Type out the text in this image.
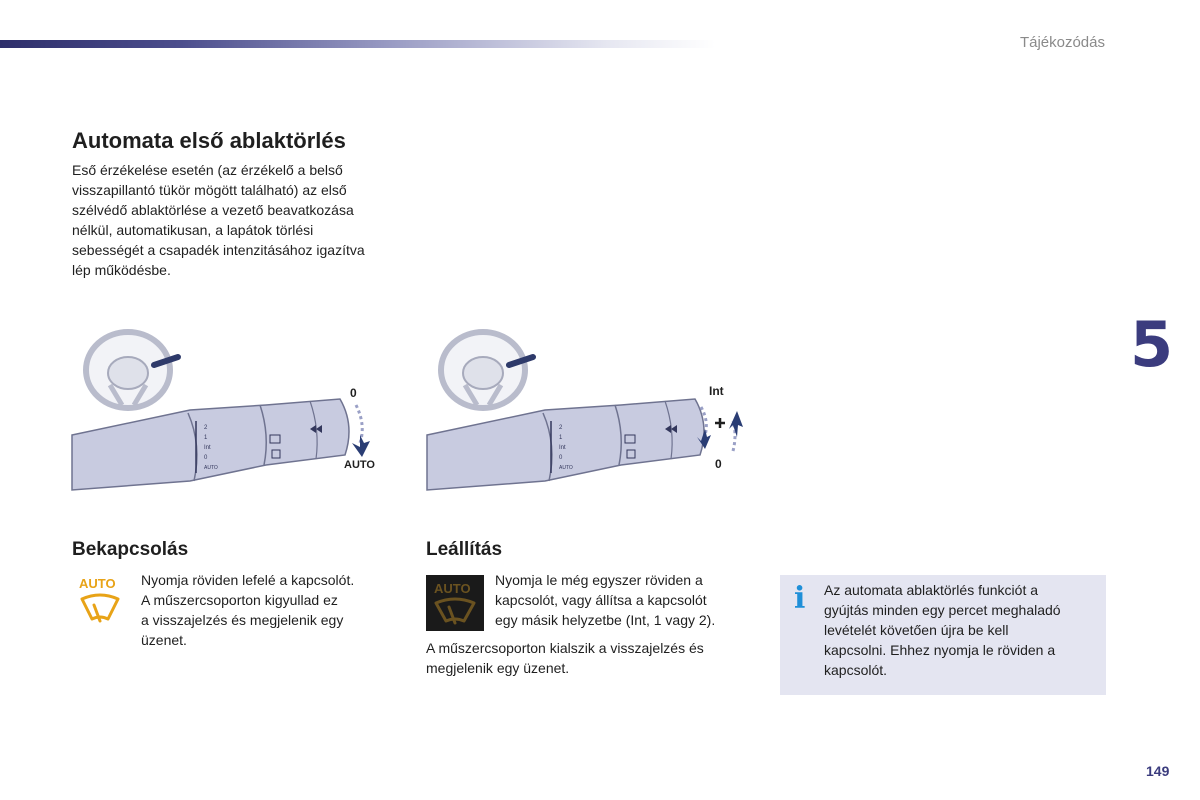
Tájékozódás
5
Automata első ablaktörlés
Eső érzékelése esetén (az érzékelő a belső
visszapillantó tükör mögött található) az első
szélvédő ablaktörlése a vezető beavatkozása
nélkül, automatikusan, a lapátok törlési
sebességét a csapadék intenzitásához igazítva
lép működésbe.
2
1
Int
0
AUTO
0
AUTO
2
1
Int
0
AUTO
Int
0
Bekapcsolás
AUTO Nyomja röviden lefelé a kapcsolót.
A műszercsoporton kigyullad ez
a visszajelzés és megjelenik egy
üzenet.
Leállítás
AUTO
Nyomja le még egyszer röviden a
kapcsolót, vagy állítsa a kapcsolót
egy másik helyzetbe (Int, 1 vagy 2).
A műszercsoporton kialszik a visszajelzés és
megjelenik egy üzenet.
i Az automata ablaktörlés funkciót a
gyújtás minden egy percet meghaladó
levételét követően újra be kell
kapcsolni. Ehhez nyomja le röviden a
kapcsolót.
149
